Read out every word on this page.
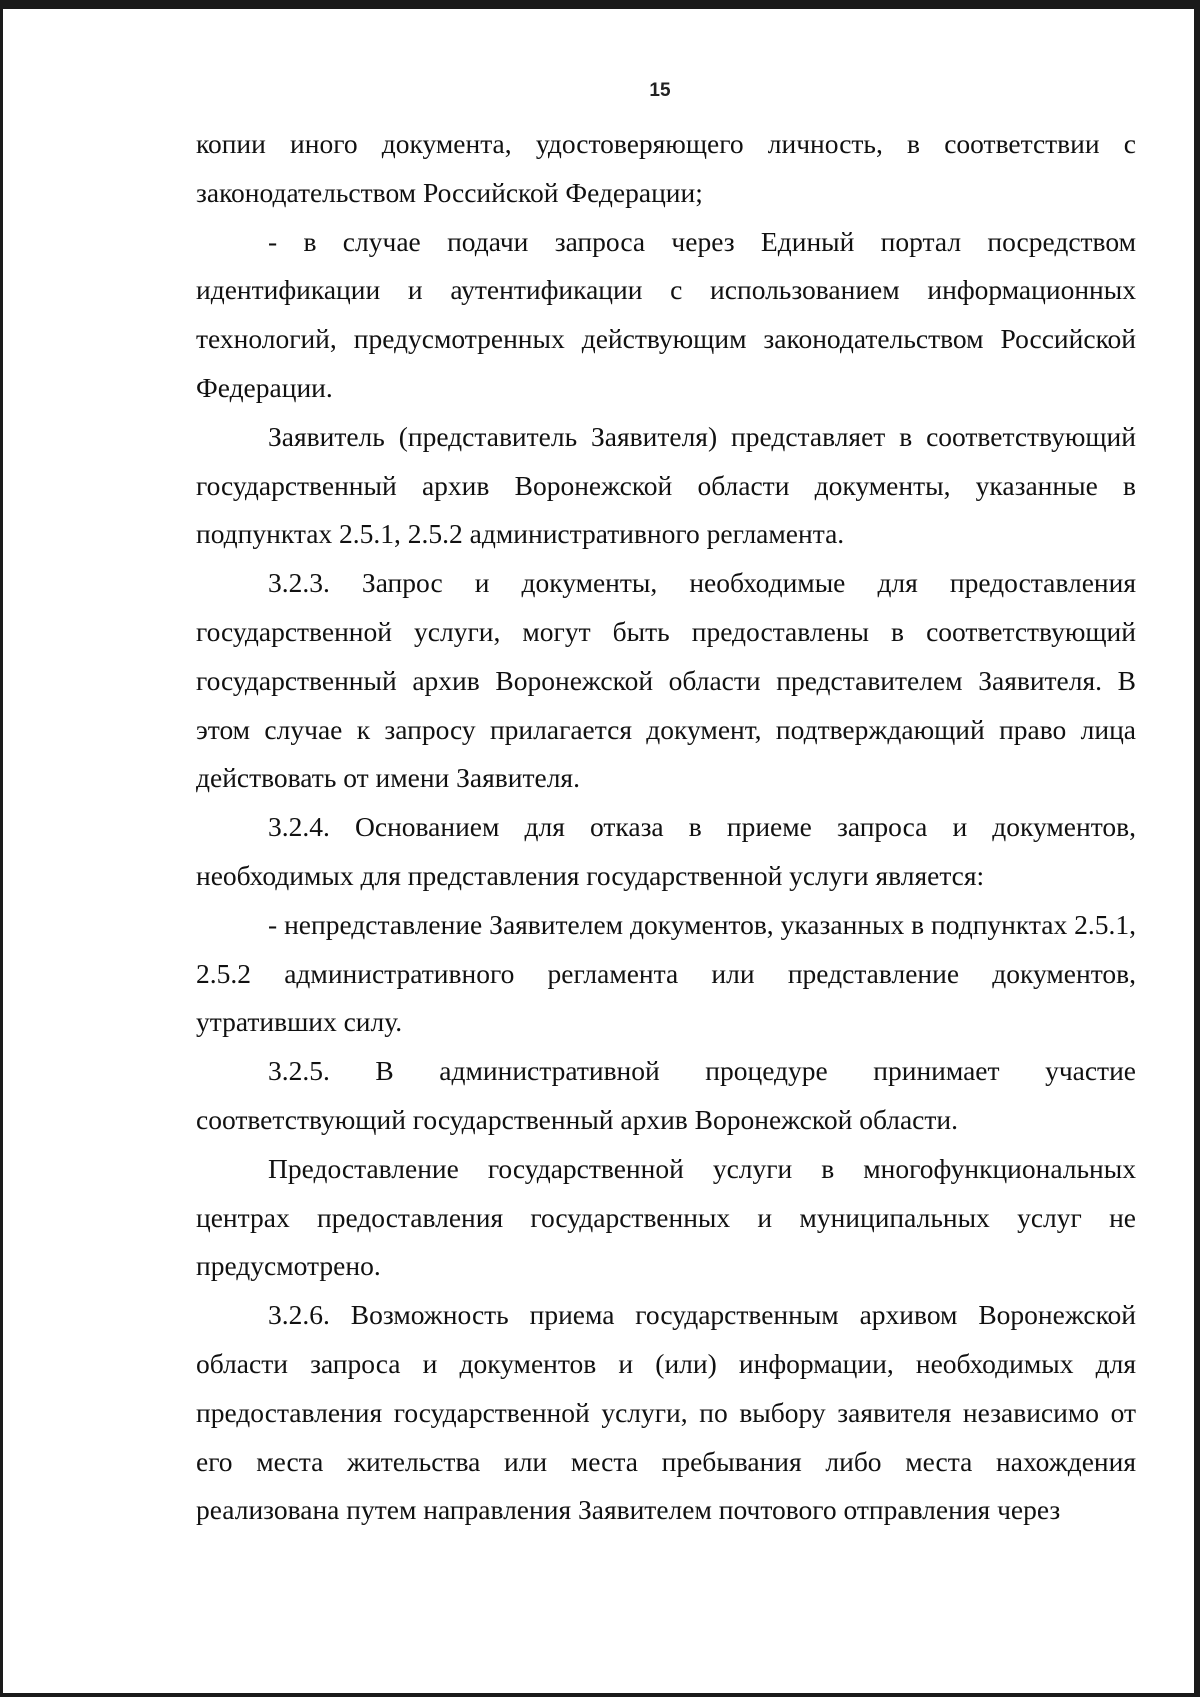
15

копии иного документа, удостоверяющего личность, в соответствии с законодательством Российской Федерации;

- в случае подачи запроса через Единый портал посредством идентификации и аутентификации с использованием информационных технологий, предусмотренных действующим законодательством Российской Федерации.

Заявитель (представитель Заявителя) представляет в соответствующий государственный архив Воронежской области документы, указанные в подпунктах 2.5.1, 2.5.2 административного регламента.

3.2.3. Запрос и документы, необходимые для предоставления государственной услуги, могут быть предоставлены в соответствующий государственный архив Воронежской области представителем Заявителя. В этом случае к запросу прилагается документ, подтверждающий право лица действовать от имени Заявителя.

3.2.4. Основанием для отказа в приеме запроса и документов, необходимых для представления государственной услуги является:

- непредставление Заявителем документов, указанных в подпунктах 2.5.1, 2.5.2 административного регламента или представление документов, утративших силу.

3.2.5. В административной процедуре принимает участие соответствующий государственный архив Воронежской области.

Предоставление государственной услуги в многофункциональных центрах предоставления государственных и муниципальных услуг не предусмотрено.

3.2.6. Возможность приема государственным архивом Воронежской области запроса и документов и (или) информации, необходимых для предоставления государственной услуги, по выбору заявителя независимо от его места жительства или места пребывания либо места нахождения реализована путем направления Заявителем почтового отправления через
